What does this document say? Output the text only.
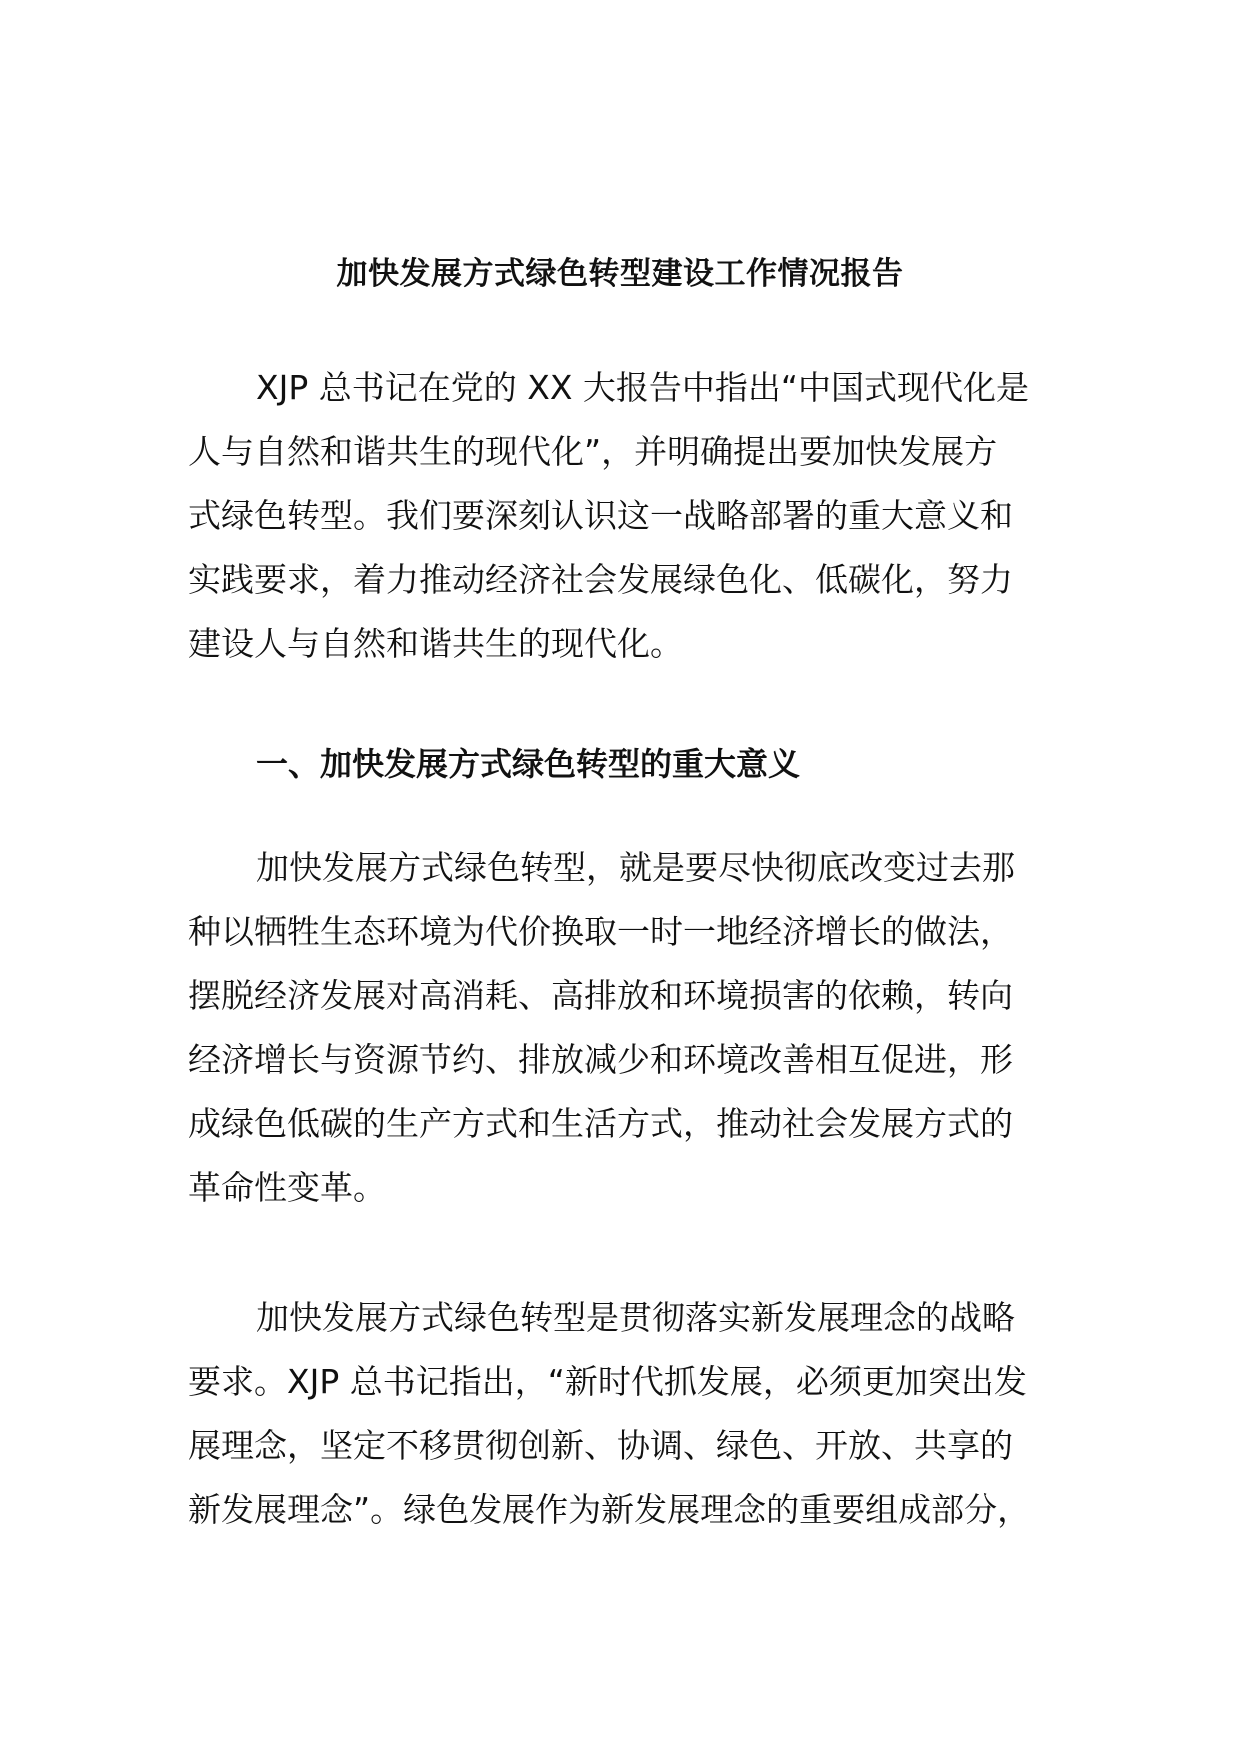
加快发展方式绿色转型建设工作情况报告
XJP 总书记在党的 XX 大报告中指出“中国式现代化是
人与自然和谐共生的现代化”，并明确提出要加快发展方
式绿色转型。我们要深刻认识这一战略部署的重大意义和
实践要求，着力推动经济社会发展绿色化、低碳化，努力
建设人与自然和谐共生的现代化。
一、加快发展方式绿色转型的重大意义
加快发展方式绿色转型，就是要尽快彻底改变过去那
种以牺牲生态环境为代价换取一时一地经济增长的做法，
摆脱经济发展对高消耗、高排放和环境损害的依赖，转向
经济增长与资源节约、排放减少和环境改善相互促进，形
成绿色低碳的生产方式和生活方式，推动社会发展方式的
革命性变革。
加快发展方式绿色转型是贯彻落实新发展理念的战略
要求。XJP 总书记指出，“新时代抓发展，必须更加突出发
展理念，坚定不移贯彻创新、协调、绿色、开放、共享的
新发展理念”。绿色发展作为新发展理念的重要组成部分，
